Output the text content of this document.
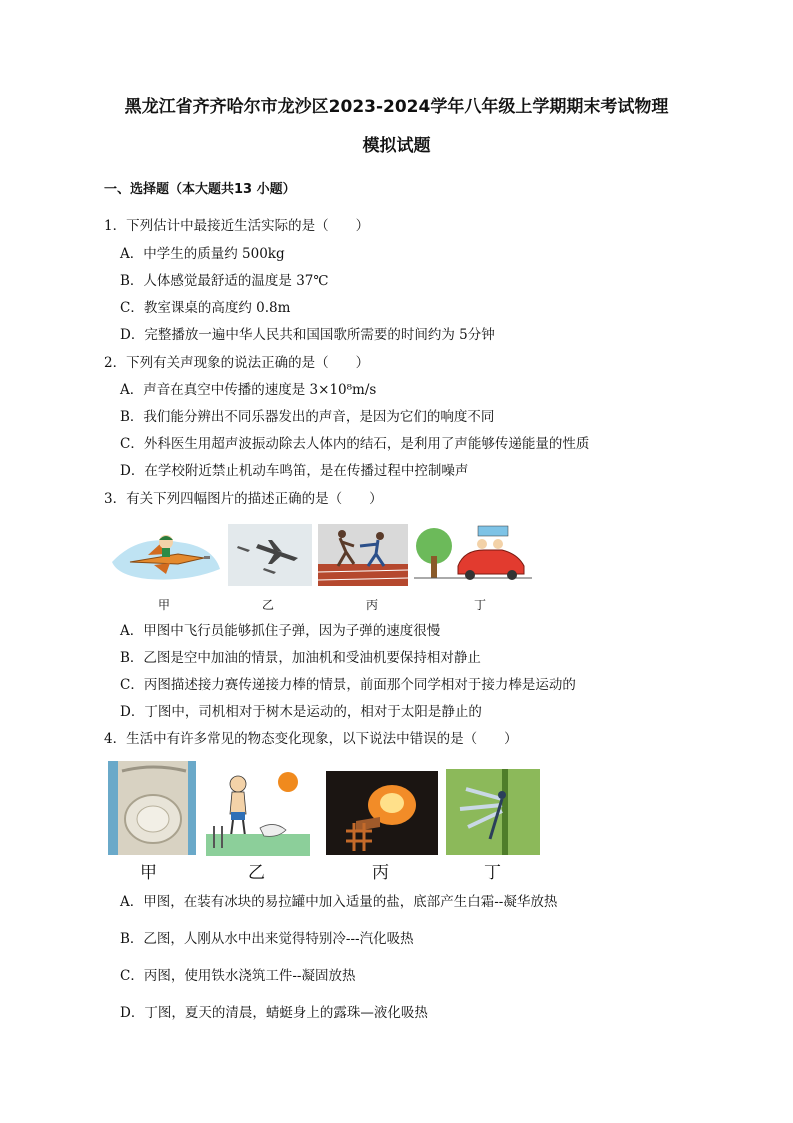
黑龙江省齐齐哈尔市龙沙区2023-2024学年八年级上学期期末考试物理
模拟试题
一、选择题（本大题共13 小题）
1．下列估计中最接近生活实际的是（　　）
A．中学生的质量约 500kg
B．人体感觉最舒适的温度是 37℃
C．教室课桌的高度约 0.8m
D．完整播放一遍中华人民共和国国歌所需要的时间约为 5分钟
2．下列有关声现象的说法正确的是（　　）
A．声音在真空中传播的速度是 3×10⁸m/s
B．我们能分辨出不同乐器发出的声音，是因为它们的响度不同
C．外科医生用超声波振动除去人体内的结石，是利用了声能够传递能量的性质
D．在学校附近禁止机动车鸣笛，是在传播过程中控制噪声
3．有关下列四幅图片的描述正确的是（　　）
甲	乙	丙	丁
A．甲图中飞行员能够抓住子弹，因为子弹的速度很慢
B．乙图是空中加油的情景，加油机和受油机要保持相对静止
C．丙图描述接力赛传递接力棒的情景，前面那个同学相对于接力棒是运动的
D．丁图中，司机相对于树木是运动的，相对于太阳是静止的
4．生活中有许多常见的物态变化现象，以下说法中错误的是（　　）
甲	乙	丙	丁
A．甲图，在装有冰块的易拉罐中加入适量的盐，底部产生白霜--凝华放热
B．乙图，人刚从水中出来觉得特别冷---汽化吸热
C．丙图，使用铁水浇筑工件--凝固放热
D．丁图，夏天的清晨，蜻蜓身上的露珠—液化吸热
